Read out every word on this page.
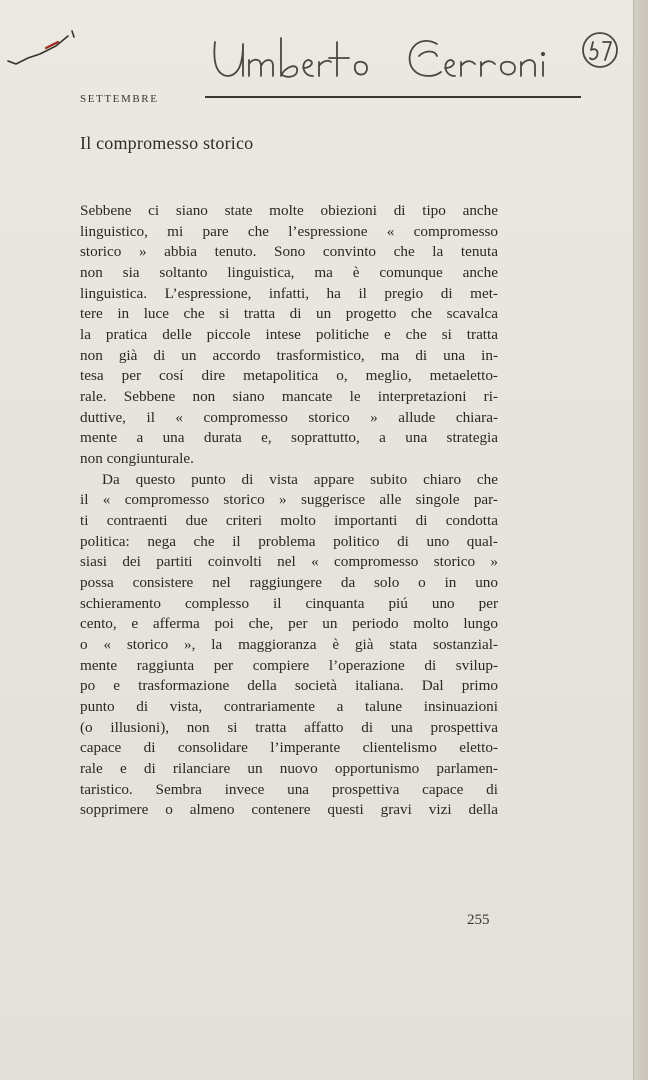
SETTEMBRE
Il compromesso storico
Sebbene ci siano state molte obiezioni di tipo anche
linguistico, mi pare che l’espressione « compromesso
storico » abbia tenuto. Sono convinto che la tenuta
non sia soltanto linguistica, ma è comunque anche
linguistica. L’espressione, infatti, ha il pregio di met-
tere in luce che si tratta di un progetto che scavalca
la pratica delle piccole intese politiche e che si tratta
non già di un accordo trasformistico, ma di una in-
tesa per cosí dire metapolitica o, meglio, metaeletto-
rale. Sebbene non siano mancate le interpretazioni ri-
duttive, il « compromesso storico » allude chiara-
mente a una durata e, soprattutto, a una strategia
non congiunturale.
Da questo punto di vista appare subito chiaro che
il « compromesso storico » suggerisce alle singole par-
ti contraenti due criteri molto importanti di condotta
politica: nega che il problema politico di uno qual-
siasi dei partiti coinvolti nel « compromesso storico »
possa consistere nel raggiungere da solo o in uno
schieramento complesso il cinquanta piú uno per
cento, e afferma poi che, per un periodo molto lungo
o « storico », la maggioranza è già stata sostanzial-
mente raggiunta per compiere l’operazione di svilup-
po e trasformazione della società italiana. Dal primo
punto di vista, contrariamente a talune insinuazioni
(o illusioni), non si tratta affatto di una prospettiva
capace di consolidare l’imperante clientelismo eletto-
rale e di rilanciare un nuovo opportunismo parlamen-
taristico. Sembra invece una prospettiva capace di
sopprimere o almeno contenere questi gravi vizi della
255
